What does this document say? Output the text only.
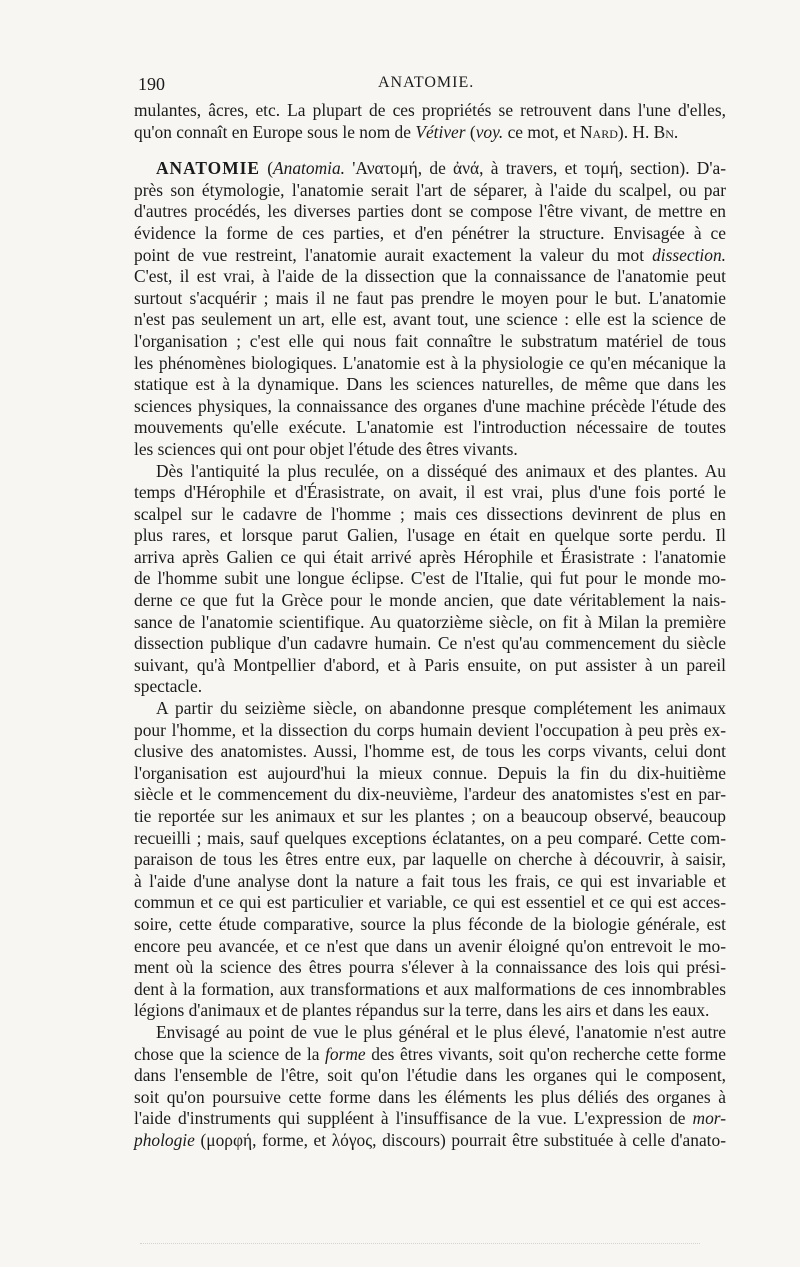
190	ANATOMIE.

mulantes, âcres, etc. La plupart de ces propriétés se retrouvent dans l'une d'elles,
qu'on connaît en Europe sous le nom de Vétiver (voy. ce mot, et Nard). H. Bn.

ANATOMIE (Anatomia. 'Ανατομή, de ἀνά, à travers, et τομή, section). D'a-
près son étymologie, l'anatomie serait l'art de séparer, à l'aide du scalpel, ou par
d'autres procédés, les diverses parties dont se compose l'être vivant, de mettre en
évidence la forme de ces parties, et d'en pénétrer la structure. Envisagée à ce
point de vue restreint, l'anatomie aurait exactement la valeur du mot dissection.
C'est, il est vrai, à l'aide de la dissection que la connaissance de l'anatomie peut
surtout s'acquérir ; mais il ne faut pas prendre le moyen pour le but. L'anatomie
n'est pas seulement un art, elle est, avant tout, une science : elle est la science de
l'organisation ; c'est elle qui nous fait connaître le substratum matériel de tous
les phénomènes biologiques. L'anatomie est à la physiologie ce qu'en mécanique la
statique est à la dynamique. Dans les sciences naturelles, de même que dans les
sciences physiques, la connaissance des organes d'une machine précède l'étude des
mouvements qu'elle exécute. L'anatomie est l'introduction nécessaire de toutes
les sciences qui ont pour objet l'étude des êtres vivants.

Dès l'antiquité la plus reculée, on a disséqué des animaux et des plantes. Au
temps d'Hérophile et d'Érasistrate, on avait, il est vrai, plus d'une fois porté le
scalpel sur le cadavre de l'homme ; mais ces dissections devinrent de plus en
plus rares, et lorsque parut Galien, l'usage en était en quelque sorte perdu. Il
arriva après Galien ce qui était arrivé après Hérophile et Érasistrate : l'anatomie
de l'homme subit une longue éclipse. C'est de l'Italie, qui fut pour le monde mo-
derne ce que fut la Grèce pour le monde ancien, que date véritablement la nais-
sance de l'anatomie scientifique. Au quatorzième siècle, on fit à Milan la première
dissection publique d'un cadavre humain. Ce n'est qu'au commencement du siècle
suivant, qu'à Montpellier d'abord, et à Paris ensuite, on put assister à un pareil
spectacle.

A partir du seizième siècle, on abandonne presque complétement les animaux
pour l'homme, et la dissection du corps humain devient l'occupation à peu près ex-
clusive des anatomistes. Aussi, l'homme est, de tous les corps vivants, celui dont
l'organisation est aujourd'hui la mieux connue. Depuis la fin du dix-huitième
siècle et le commencement du dix-neuvième, l'ardeur des anatomistes s'est en par-
tie reportée sur les animaux et sur les plantes ; on a beaucoup observé, beaucoup
recueilli ; mais, sauf quelques exceptions éclatantes, on a peu comparé. Cette com-
paraison de tous les êtres entre eux, par laquelle on cherche à découvrir, à saisir,
à l'aide d'une analyse dont la nature a fait tous les frais, ce qui est invariable et
commun et ce qui est particulier et variable, ce qui est essentiel et ce qui est acces-
soire, cette étude comparative, source la plus féconde de la biologie générale, est
encore peu avancée, et ce n'est que dans un avenir éloigné qu'on entrevoit le mo-
ment où la science des êtres pourra s'élever à la connaissance des lois qui prési-
dent à la formation, aux transformations et aux malformations de ces innombrables
légions d'animaux et de plantes répandus sur la terre, dans les airs et dans les eaux.

Envisagé au point de vue le plus général et le plus élevé, l'anatomie n'est autre
chose que la science de la forme des êtres vivants, soit qu'on recherche cette forme
dans l'ensemble de l'être, soit qu'on l'étudie dans les organes qui le composent,
soit qu'on poursuive cette forme dans les éléments les plus déliés des organes à
l'aide d'instruments qui suppléent à l'insuffisance de la vue. L'expression de mor-
phologie (μορφή, forme, et λόγος, discours) pourrait être substituée à celle d'anato-
